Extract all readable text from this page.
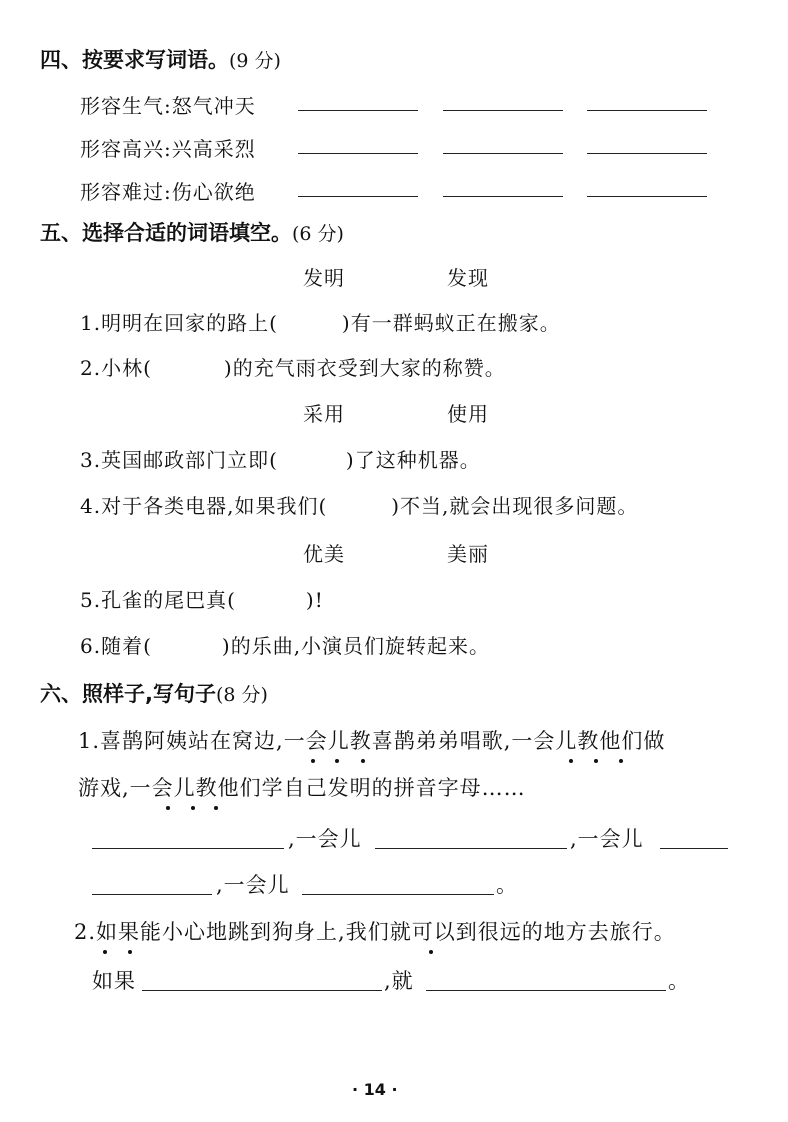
四、按要求写词语。(9 分)
形容生气:怒气冲天
形容高兴:兴高采烈
形容难过:伤心欲绝
五、选择合适的词语填空。(6 分)
发明	发现
1.明明在回家的路上(	)有一群蚂蚁正在搬家。
2.小林(	)的充气雨衣受到大家的称赞。
采用	使用
3.英国邮政部门立即(	)了这种机器。
4.对于各类电器,如果我们(	)不当,就会出现很多问题。
优美	美丽
5.孔雀的尾巴真(	)!
6.随着(	)的乐曲,小演员们旋转起来。
六、照样子,写句子(8 分)
1.喜鹊阿姨站在窝边,一会儿教喜鹊弟弟唱歌,一会儿教他们做
游戏,一会儿教他们学自己发明的拼音字母……
,一会儿	,一会儿
,一会儿	。
2.如果能小心地跳到狗身上,我们就可以到很远的地方去旅行。
如果	,就	。
· 14 ·
